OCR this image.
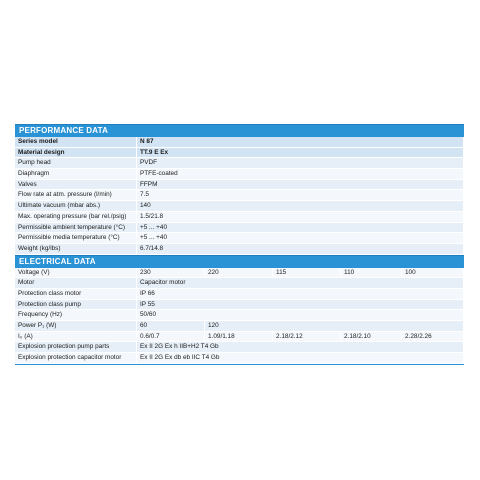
PERFORMANCE DATA
Series model	N 87
Material design	TT.9 E Ex
Pump head	PVDF
Diaphragm	PTFE-coated
Valves	FFPM
Flow rate at atm. pressure (l/min)	7.5
Ultimate vacuum (mbar abs.)	140
Max. operating pressure (bar rel./psig)	1.5/21.8
Permissible ambient temperature (°C)	+5 ... +40
Permissible media temperature (°C)	+5 ... +40
Weight (kg/lbs)	6.7/14.8
ELECTRICAL DATA
Voltage (V)	230	220	115	110	100
Motor	Capacitor motor
Protection class motor	IP 66
Protection class pump	IP 55
Frequency (Hz)	50/60
Power P₁ (W)	60	120
I₀ (A)	0.6/0.7	1.09/1.18	2.18/2.12	2.18/2.10	2.28/2.26
Explosion protection pump parts	Ex II 2G Ex h IIB+H2 T4 Gb
Explosion protection capacitor motor	Ex II 2G Ex db eb IIC T4 Gb
